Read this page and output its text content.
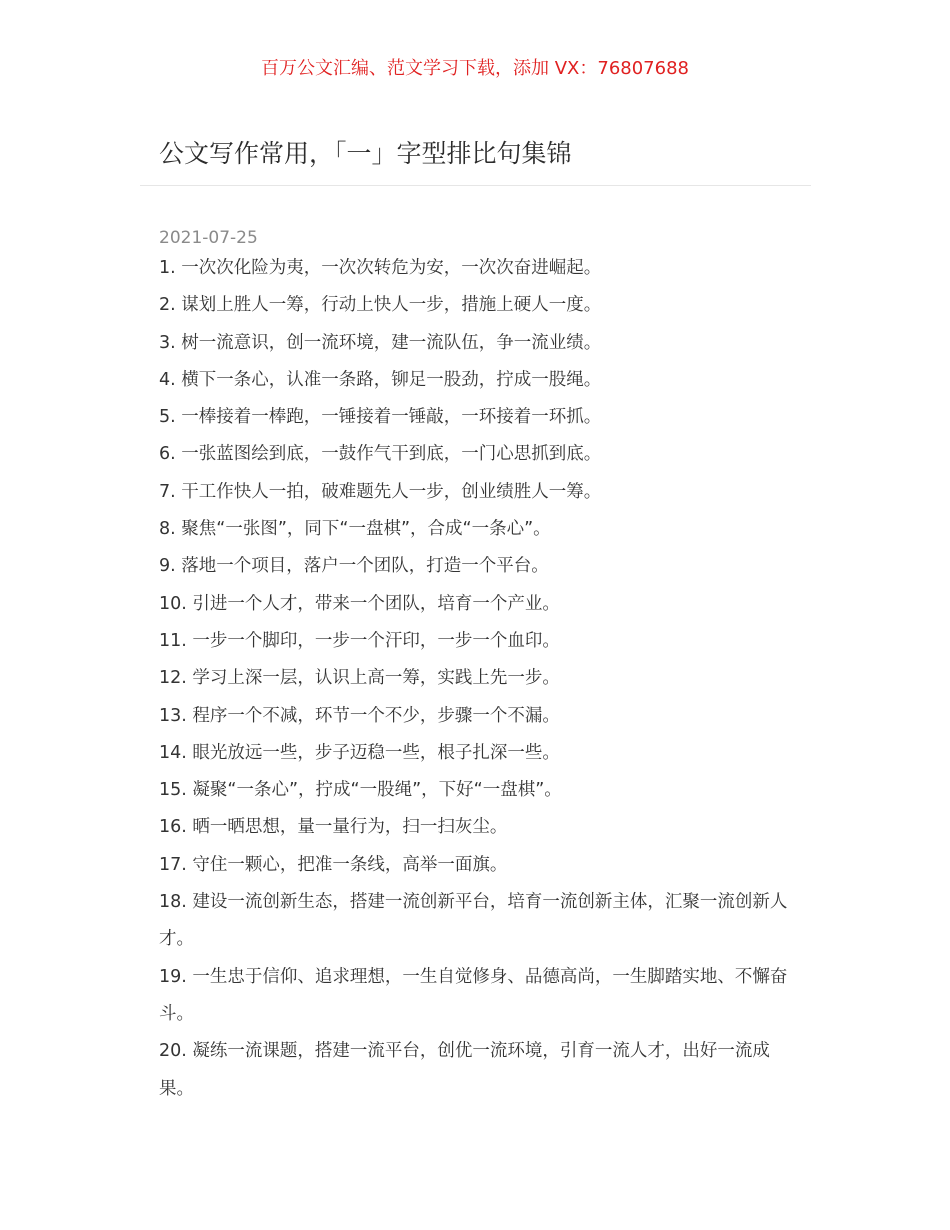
百万公文汇编、范文学习下载，添加 VX：76807688
公文写作常用，「一」字型排比句集锦
2021-07-25
1. 一次次化险为夷，一次次转危为安，一次次奋进崛起。
2. 谋划上胜人一筹，行动上快人一步，措施上硬人一度。
3. 树一流意识，创一流环境，建一流队伍，争一流业绩。
4. 横下一条心，认准一条路，铆足一股劲，拧成一股绳。
5. 一棒接着一棒跑，一锤接着一锤敲，一环接着一环抓。
6. 一张蓝图绘到底，一鼓作气干到底，一门心思抓到底。
7. 干工作快人一拍，破难题先人一步，创业绩胜人一筹。
8. 聚焦“一张图”，同下“一盘棋”，合成“一条心”。
9. 落地一个项目，落户一个团队，打造一个平台。
10. 引进一个人才，带来一个团队，培育一个产业。
11. 一步一个脚印，一步一个汗印，一步一个血印。
12. 学习上深一层，认识上高一筹，实践上先一步。
13. 程序一个不减，环节一个不少，步骤一个不漏。
14. 眼光放远一些，步子迈稳一些，根子扎深一些。
15. 凝聚“一条心”，拧成“一股绳”，下好“一盘棋”。
16. 晒一晒思想，量一量行为，扫一扫灰尘。
17. 守住一颗心，把准一条线，高举一面旗。
18. 建设一流创新生态，搭建一流创新平台，培育一流创新主体，汇聚一流创新人才。
19. 一生忠于信仰、追求理想，一生自觉修身、品德高尚，一生脚踏实地、不懈奋斗。
20. 凝练一流课题，搭建一流平台，创优一流环境，引育一流人才，出好一流成果。
